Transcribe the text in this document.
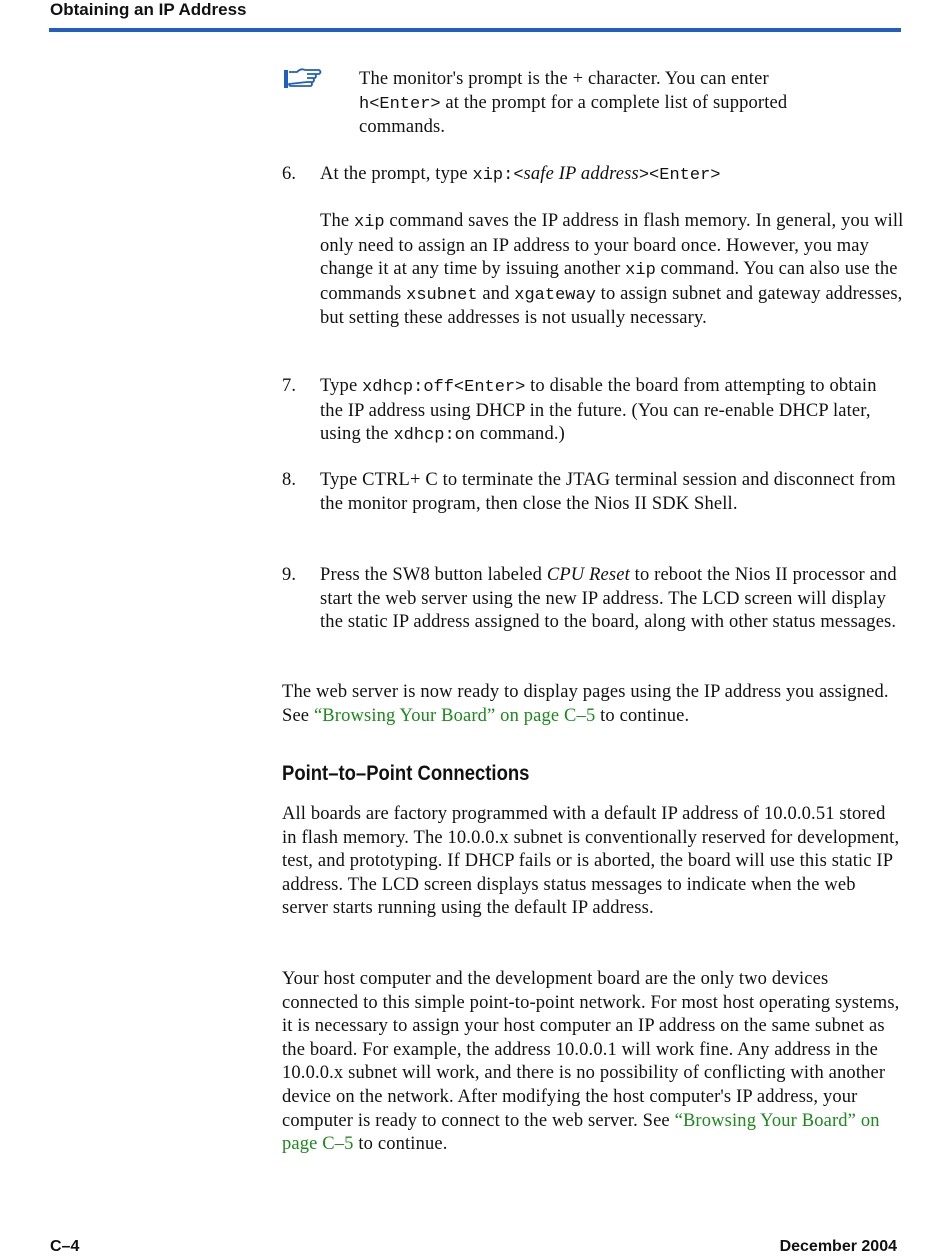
Obtaining an IP Address
The monitor's prompt is the + character. You can enter
h<Enter> at the prompt for a complete list of supported
commands.
6.	At the prompt, type xip:<safe IP address><Enter>
The xip command saves the IP address in flash memory. In general, you will only need to assign an IP address to your board once. However, you may change it at any time by issuing another xip command. You can also use the commands xsubnet and xgateway to assign subnet and gateway addresses, but setting these addresses is not usually necessary.
7.	Type xdhcp:off<Enter> to disable the board from attempting to obtain the IP address using DHCP in the future. (You can re-enable DHCP later, using the xdhcp:on command.)
8.	Type CTRL+ C to terminate the JTAG terminal session and disconnect from the monitor program, then close the Nios II SDK Shell.
9.	Press the SW8 button labeled CPU Reset to reboot the Nios II processor and start the web server using the new IP address. The LCD screen will display the static IP address assigned to the board, along with other status messages.
The web server is now ready to display pages using the IP address you assigned. See “Browsing Your Board” on page C–5 to continue.
Point–to–Point Connections
All boards are factory programmed with a default IP address of 10.0.0.51 stored in flash memory. The 10.0.0.x subnet is conventionally reserved for development, test, and prototyping. If DHCP fails or is aborted, the board will use this static IP address. The LCD screen displays status messages to indicate when the web server starts running using the default IP address.
Your host computer and the development board are the only two devices connected to this simple point-to-point network. For most host operating systems, it is necessary to assign your host computer an IP address on the same subnet as the board. For example, the address 10.0.0.1 will work fine. Any address in the 10.0.0.x subnet will work, and there is no possibility of conflicting with another device on the network. After modifying the host computer's IP address, your computer is ready to connect to the web server. See “Browsing Your Board” on page C–5 to continue.
C–4	December 2004
